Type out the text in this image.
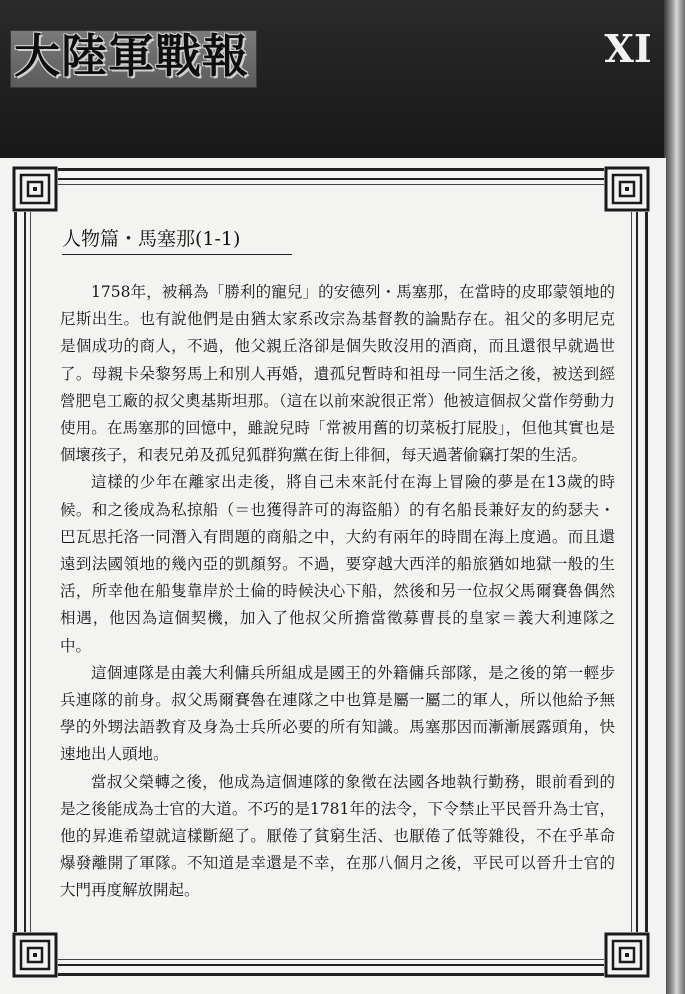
大陸軍戰報	XI
人物篇・馬塞那(1-1)

1758年，被稱為「勝利的寵兒」的安德列・馬塞那，在當時的皮耶蒙領地的尼斯出生。也有說他們是由猶太家系改宗為基督教的論點存在。祖父的多明尼克是個成功的商人，不過，他父親丘洛卻是個失敗沒用的酒商，而且還很早就過世了。母親卡朵黎努馬上和別人再婚，遺孤兒暫時和祖母一同生活之後，被送到經營肥皂工廠的叔父奧基斯坦那。（這在以前來說很正常）他被這個叔父當作勞動力使用。在馬塞那的回憶中，雖說兒時「常被用舊的切菜板打屁股」，但他其實也是個壞孩子，和表兄弟及孤兒狐群狗黨在街上徘徊，每天過著偷竊打架的生活。

這樣的少年在離家出走後，將自己未來託付在海上冒險的夢是在13歲的時候。和之後成為私掠船（＝也獲得許可的海盜船）的有名船長兼好友的約瑟夫・巴瓦思托洛一同潛入有問題的商船之中，大約有兩年的時間在海上度過。而且還遠到法國領地的幾內亞的凱顏努。不過，要穿越大西洋的船旅猶如地獄一般的生活，所幸他在船隻靠岸於土倫的時候決心下船，然後和另一位叔父馬爾賽魯偶然相遇，他因為這個契機，加入了他叔父所擔當徵募曹長的皇家＝義大利連隊之中。

這個連隊是由義大利傭兵所組成是國王的外籍傭兵部隊，是之後的第一輕步兵連隊的前身。叔父馬爾賽魯在連隊之中也算是屬一屬二的軍人，所以他給予無學的外甥法語教育及身為士兵所必要的所有知識。馬塞那因而漸漸展露頭角，快速地出人頭地。

當叔父榮轉之後，他成為這個連隊的象徵在法國各地執行勤務，眼前看到的是之後能成為士官的大道。不巧的是1781年的法令，下令禁止平民晉升為士官，他的昇進希望就這樣斷絕了。厭倦了貧窮生活、也厭倦了低等雜役，不在乎革命爆發離開了軍隊。不知道是幸還是不幸，在那八個月之後，平民可以晉升士官的大門再度解放開起。
